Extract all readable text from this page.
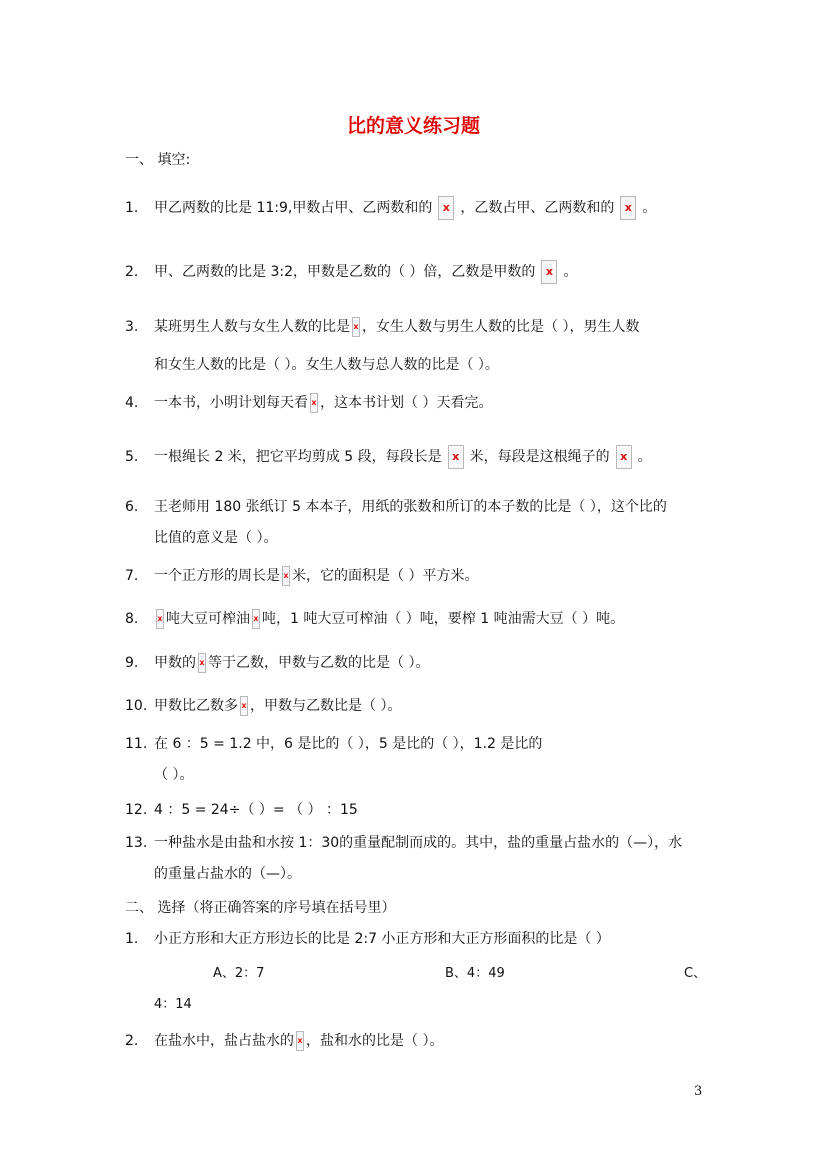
比的意义练习题
一、 填空:
1. 甲乙两数的比是 11:9,甲数占甲、乙两数和的 x ，乙数占甲、乙两数和的 x 。
2. 甲、乙两数的比是 3:2，甲数是乙数的（ ）倍，乙数是甲数的 x 。
3. 某班男生人数与女生人数的比是 x ，女生人数与男生人数的比是（ ），男生人数
和女生人数的比是（ ）。女生人数与总人数的比是（ ）。
4. 一本书，小明计划每天看 x ，这本书计划（ ）天看完。
5. 一根绳长 2 米，把它平均剪成 5 段，每段长是 x 米，每段是这根绳子的 x 。
6. 王老师用 180 张纸订 5 本本子，用纸的张数和所订的本子数的比是（ ），这个比的
比值的意义是（ ）。
7. 一个正方形的周长是 x 米，它的面积是（ ）平方米。
8. x 吨大豆可榨油 x 吨，1 吨大豆可榨油（ ）吨，要榨 1 吨油需大豆（ ）吨。
9. 甲数的 x 等于乙数，甲数与乙数的比是（ ）。
10. 甲数比乙数多 x ，甲数与乙数比是（ ）。
11. 在 6 ：5 = 1.2 中，6 是比的（ ），5 是比的（ ），1.2 是比的
（ ）。
12. 4 ：5 = 24÷（ ）= （ ） ：15
13. 一种盐水是由盐和水按 1：30的重量配制而成的。其中，盐的重量占盐水的（—），水
的重量占盐水的（—）。
二、 选择（将正确答案的序号填在括号里）
1. 小正方形和大正方形边长的比是 2:7 小正方形和大正方形面积的比是（ ）
A、2：7	B、4：49	C、
4：14
2. 在盐水中，盐占盐水的 x ，盐和水的比是（ ）。
3
